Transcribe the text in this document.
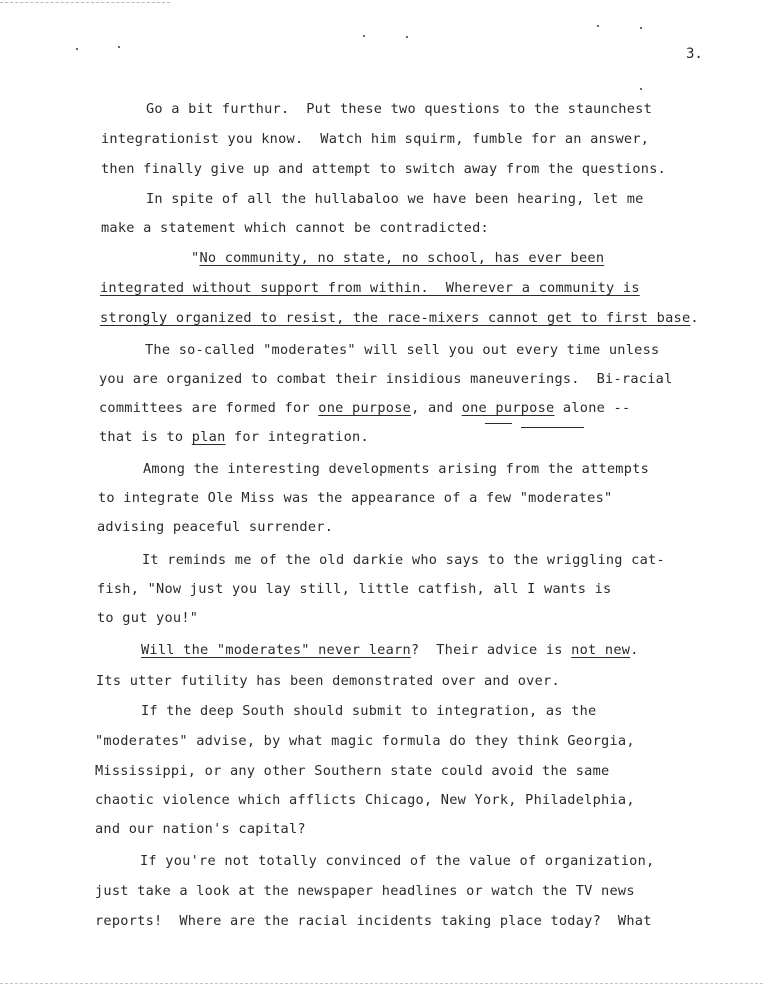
3.
Go a bit furthur.  Put these two questions to the staunchest
integrationist you know.  Watch him squirm, fumble for an answer,
then finally give up and attempt to switch away from the questions.
In spite of all the hullabaloo we have been hearing, let me
make a statement which cannot be contradicted:
"No community, no state, no school, has ever been
integrated without support from within.  Wherever a community is
strongly organized to resist, the race-mixers cannot get to first base.
The so-called "moderates" will sell you out every time unless
you are organized to combat their insidious maneuverings.  Bi-racial
committees are formed for one purpose, and one purpose alone --
that is to plan for integration.
Among the interesting developments arising from the attempts
to integrate Ole Miss was the appearance of a few "moderates"
advising peaceful surrender.
It reminds me of the old darkie who says to the wriggling cat-
fish, "Now just you lay still, little catfish, all I wants is
to gut you!"
Will the "moderates" never learn?  Their advice is not new.
Its utter futility has been demonstrated over and over.
If the deep South should submit to integration, as the
"moderates" advise, by what magic formula do they think Georgia,
Mississippi, or any other Southern state could avoid the same
chaotic violence which afflicts Chicago, New York, Philadelphia,
and our nation's capital?
If you're not totally convinced of the value of organization,
just take a look at the newspaper headlines or watch the TV news
reports!  Where are the racial incidents taking place today?  What
